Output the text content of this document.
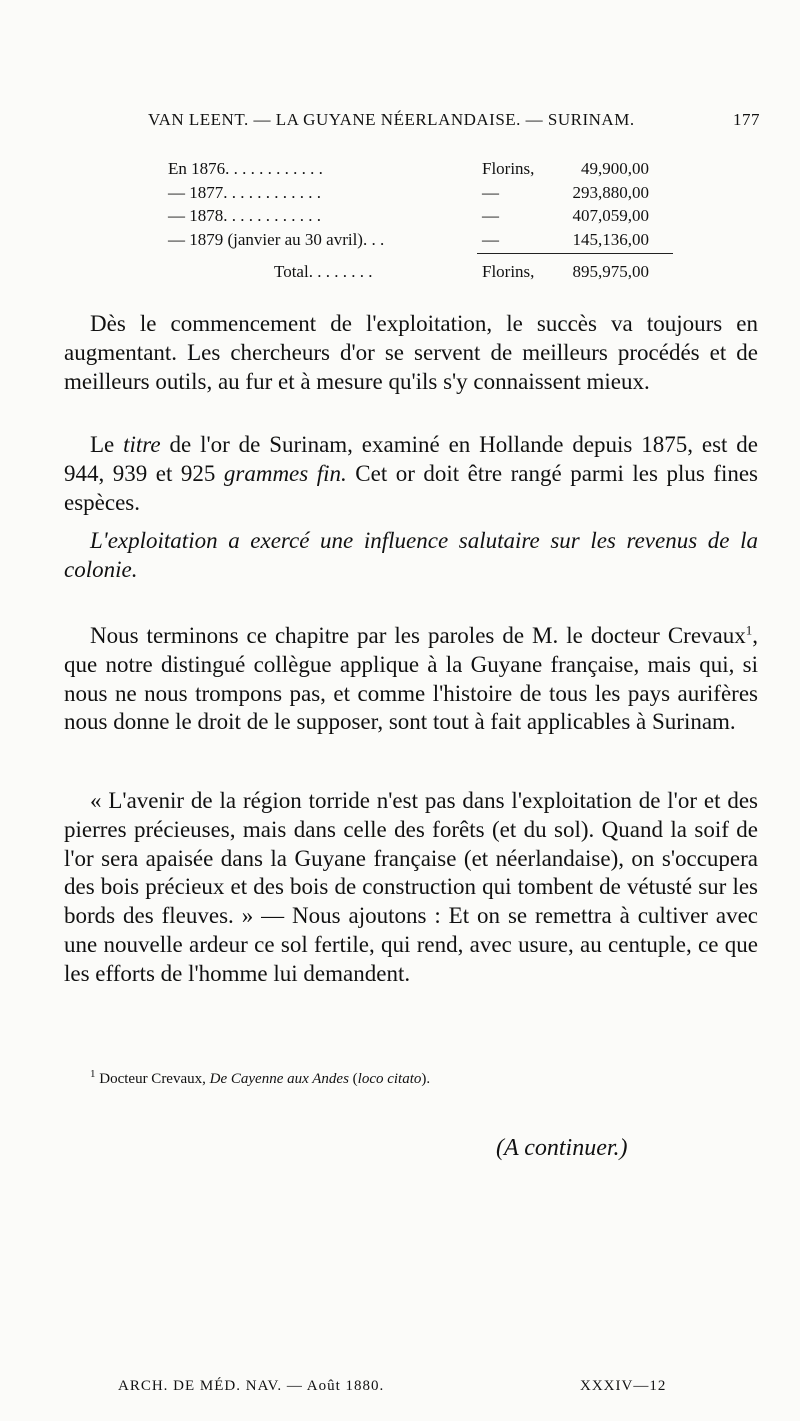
VAN LEENT. — LA GUYANE NÉERLANDAISE. — SURINAM.	177
En 1876. . . . . . . . . . . .	Florins,	49,900,00
— 1877. . . . . . . . . . . .	—	293,880,00
— 1878. . . . . . . . . . . .	—	407,059,00
— 1879 (janvier au 30 avril). . .	—	145,136,00
Total. . . . . . . .	Florins, 895,975,00

Dès le commencement de l'exploitation, le succès va toujours en augmentant. Les chercheurs d'or se servent de meilleurs procédés et de meilleurs outils, au fur et à mesure qu'ils s'y connaissent mieux.

Le titre de l'or de Surinam, examiné en Hollande depuis 1875, est de 944, 939 et 925 grammes fin. Cet or doit être rangé parmi les plus fines espèces.

L'exploitation a exercé une influence salutaire sur les revenus de la colonie.

Nous terminons ce chapitre par les paroles de M. le docteur Crevaux$^1$, que notre distingué collègue applique à la Guyane française, mais qui, si nous ne nous trompons pas, et comme l'histoire de tous les pays aurifères nous donne le droit de le supposer, sont tout à fait applicables à Surinam.

« L'avenir de la région torride n'est pas dans l'exploitation de l'or et des pierres précieuses, mais dans celle des forêts (et du sol). Quand la soif de l'or sera apaisée dans la Guyane française (et néerlandaise), on s'occupera des bois précieux et des bois de construction qui tombent de vétusté sur les bords des fleuves. » — Nous ajoutons : Et on se remettra à cultiver avec une nouvelle ardeur ce sol fertile, qui rend, avec usure, au centuple, ce que les efforts de l'homme lui demandent.

$^1$ Docteur Crevaux, De Cayenne aux Andes (loco citato).
(A continuer.)
ARCH. DE MÉD. NAV. — Août 1880.	XXXIV—12
